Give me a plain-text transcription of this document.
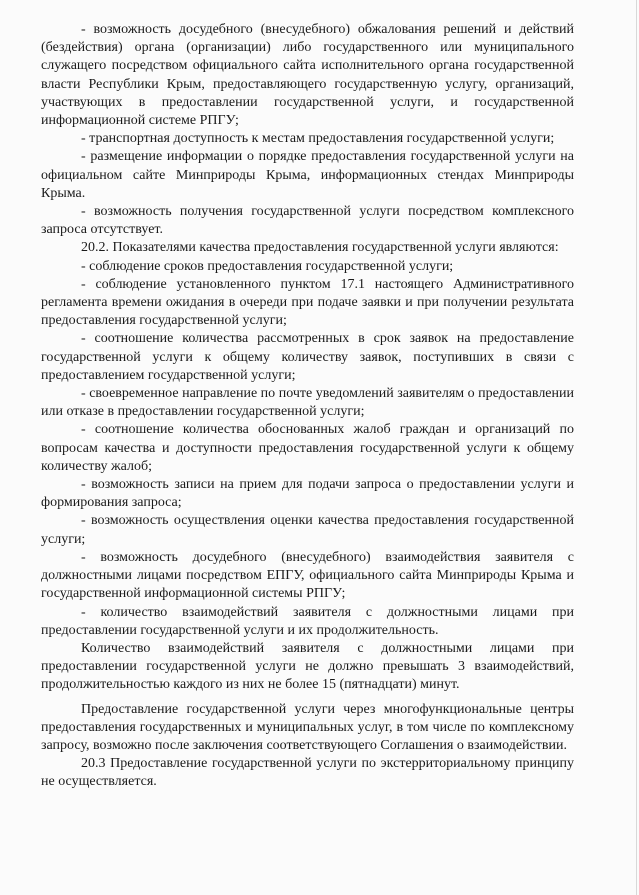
- возможность досудебного (внесудебного) обжалования решений и действий (бездействия) органа (организации) либо государственного или муниципального служащего посредством официального сайта исполнительного органа государственной власти Республики Крым, предоставляющего государственную услугу, организаций, участвующих в предоставлении государственной услуги, и государственной информационной системе РПГУ;

- транспортная доступность к местам предоставления государственной услуги;

- размещение информации о порядке предоставления государственной услуги на официальном сайте Минприроды Крыма, информационных стендах Минприроды Крыма.

- возможность получения государственной услуги посредством комплексного запроса отсутствует.

20.2. Показателями качества предоставления государственной услуги являются:

- соблюдение сроков предоставления государственной услуги;

- соблюдение установленного пунктом 17.1 настоящего Административного регламента времени ожидания в очереди при подаче заявки и при получении результата предоставления государственной услуги;

- соотношение количества рассмотренных в срок заявок на предоставление государственной услуги к общему количеству заявок, поступивших в связи с предоставлением государственной услуги;

- своевременное направление по почте уведомлений заявителям о предоставлении или отказе в предоставлении государственной услуги;

- соотношение количества обоснованных жалоб граждан и организаций по вопросам качества и доступности предоставления государственной услуги к общему количеству жалоб;

- возможность записи на прием для подачи запроса о предоставлении услуги и формирования запроса;

- возможность осуществления оценки качества предоставления государственной услуги;

- возможность досудебного (внесудебного) взаимодействия заявителя с должностными лицами посредством ЕПГУ, официального сайта Минприроды Крыма и государственной информационной системы РПГУ;

- количество взаимодействий заявителя с должностными лицами при предоставлении государственной услуги и их продолжительность.

Количество взаимодействий заявителя с должностными лицами при предоставлении государственной услуги не должно превышать 3 взаимодействий, продолжительностью каждого из них не более 15 (пятнадцати) минут.

Предоставление государственной услуги через многофункциональные центры предоставления государственных и муниципальных услуг, в том числе по комплексному запросу, возможно после заключения соответствующего Соглашения о взаимодействии.

20.3 Предоставление государственной услуги по экстерриториальному принципу не осуществляется.
